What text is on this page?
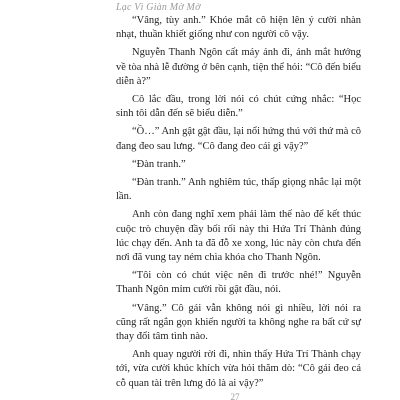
Lạc Vì Giàn Mờ Mờ

“Vâng, tùy anh.” Khóe mắt cô hiện lên ý cười nhàn nhạt, thuần khiết giống như con người cô vậy.

Nguyễn Thanh Ngôn cất máy ảnh đi, ánh mắt hướng về tòa nhà lễ đường ở bên cạnh, tiện thể hỏi: “Cô đến biểu diễn à?”

Cô lắc đầu, trong lời nói có chút cứng nhắc: “Học sinh tôi dẫn đến sẽ biểu diễn.”

“Ồ…” Anh gật gật đầu, lại nổi hứng thú với thứ mà cô đang đeo sau lưng. “Cô đang đeo cái gì vậy?”

“Đàn tranh.”

“Đàn tranh.” Anh nghiêm túc, thấp giọng nhắc lại một lần.

Anh còn đang nghĩ xem phải làm thế nào để kết thúc cuộc trò chuyện đầy bối rối này thì Hứa Trí Thành đúng lúc chạy đến. Anh ta đã đỗ xe xong, lúc này còn chưa đến nơi đã vung tay ném chìa khóa cho Thanh Ngôn.

“Tôi còn có chút việc nên đi trước nhé!” Nguyễn Thanh Ngôn mỉm cười rồi gật đầu, nói.

“Vâng.” Cô gái vẫn không nói gì nhiều, lời nói ra cũng rất ngắn gọn khiến người ta không nghe ra bất cứ sự thay đổi tâm tình nào.

Anh quay người rời đi, nhìn thấy Hứa Trí Thành chạy tới, vừa cười khúc khích vừa hỏi thăm dò: “Cô gái đeo cả cỗ quan tài trên lưng đó là ai vậy?”

27
